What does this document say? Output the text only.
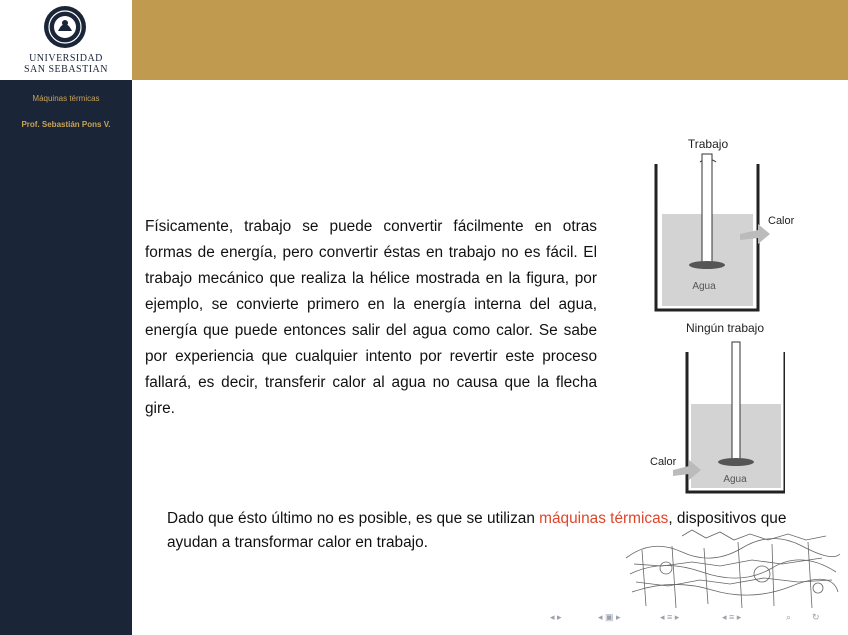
UNIVERSIDAD
SAN SEBASTIAN
Máquinas térmicas
Prof. Sebastián Pons V.

Físicamente, trabajo se puede convertir fácilmente en otras formas de energía, pero convertir éstas en trabajo no es fácil. El trabajo mecánico que realiza la hélice mostrada en la figura, por ejemplo, se convierte primero en la energía interna del agua, energía que puede entonces salir del agua como calor. Se sabe por experiencia que cualquier intento por revertir este proceso fallará, es decir, transferir calor al agua no causa que la flecha gire.

Dado que ésto último no es posible, es que se utilizan máquinas térmicas, dispositivos que ayudan a transformar calor en trabajo.

Trabajo
Agua
Calor
Ningún trabajo
Agua
Calor
◂ ▸	◂ ▣ ▸	◂ ≡ ▸	◂ ≡ ▸	⌕ ↻
